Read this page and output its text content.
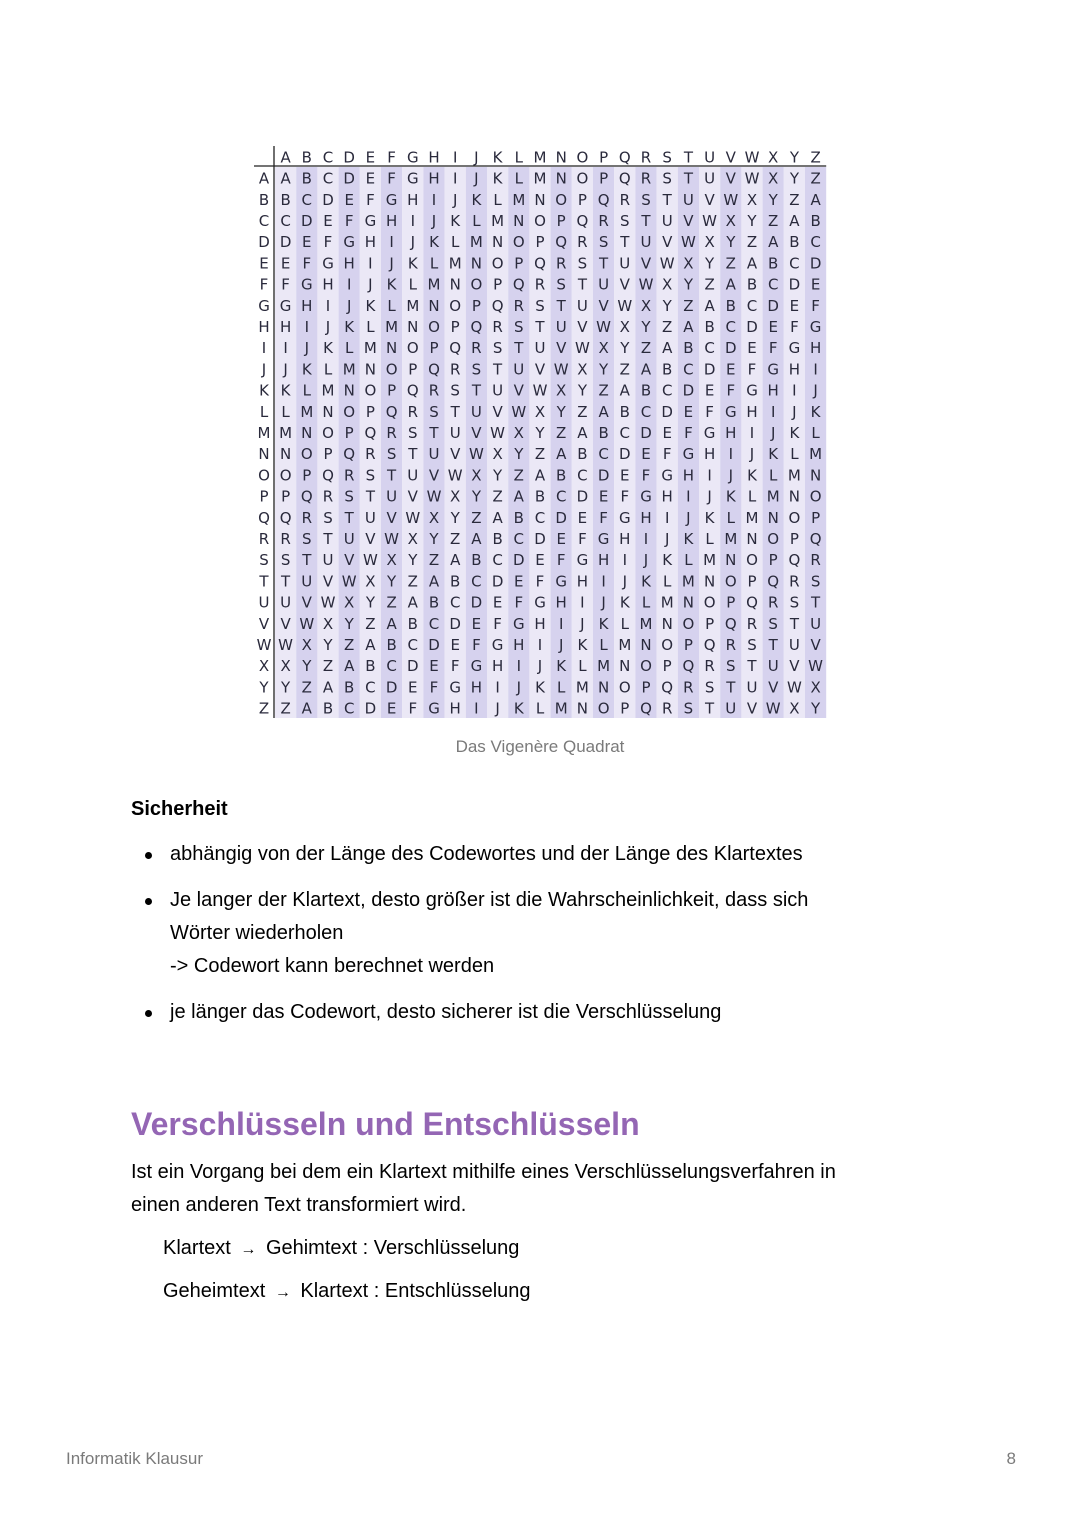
A B C D E F G H I J K L M N O P Q R S T U V W X Y Z
A A B C D E F G H I J K L M N O P Q R S T U V W X Y Z
B B C D E F G H I J K L M N O P Q R S T U V W X Y Z A
C C D E F G H I J K L M N O P Q R S T U V W X Y Z A B
D D E F G H I J K L M N O P Q R S T U V W X Y Z A B C
E E F G H I J K L M N O P Q R S T U V W X Y Z A B C D
F F G H I J K L M N O P Q R S T U V W X Y Z A B C D E
G G H I J K L M N O P Q R S T U V W X Y Z A B C D E F
H H I J K L M N O P Q R S T U V W X Y Z A B C D E F G
I I J K L M N O P Q R S T U V W X Y Z A B C D E F G H
J J K L M N O P Q R S T U V W X Y Z A B C D E F G H I
K K L M N O P Q R S T U V W X Y Z A B C D E F G H I J
L L M N O P Q R S T U V W X Y Z A B C D E F G H I J K
M M N O P Q R S T U V W X Y Z A B C D E F G H I J K L
N N O P Q R S T U V W X Y Z A B C D E F G H I J K L M
O O P Q R S T U V W X Y Z A B C D E F G H I J K L M N
P P Q R S T U V W X Y Z A B C D E F G H I J K L M N O
Q Q R S T U V W X Y Z A B C D E F G H I J K L M N O P
R R S T U V W X Y Z A B C D E F G H I J K L M N O P Q
S S T U V W X Y Z A B C D E F G H I J K L M N O P Q R
T T U V W X Y Z A B C D E F G H I J K L M N O P Q R S
U U V W X Y Z A B C D E F G H I J K L M N O P Q R S T
V V W X Y Z A B C D E F G H I J K L M N O P Q R S T U
W W X Y Z A B C D E F G H I J K L M N O P Q R S T U V
X X Y Z A B C D E F G H I J K L M N O P Q R S T U V W
Y Y Z A B C D E F G H I J K L M N O P Q R S T U V W X
Z Z A B C D E F G H I J K L M N O P Q R S T U V W X Y
Das Vigenère Quadrat
Sicherheit
abhängig von der Länge des Codewortes und der Länge des Klartextes
Je langer der Klartext, desto größer ist die Wahrscheinlichkeit, dass sich
Wörter wiederholen
-> Codewort kann berechnet werden
je länger das Codewort, desto sicherer ist die Verschlüsselung
Verschlüsseln und Entschlüsseln
Ist ein Vorgang bei dem ein Klartext mithilfe eines Verschlüsselungsverfahren in
einen anderen Text transformiert wird.
Klartext → Gehimtext : Verschlüsselung
Geheimtext → Klartext : Entschlüsselung
Informatik Klausur	8
